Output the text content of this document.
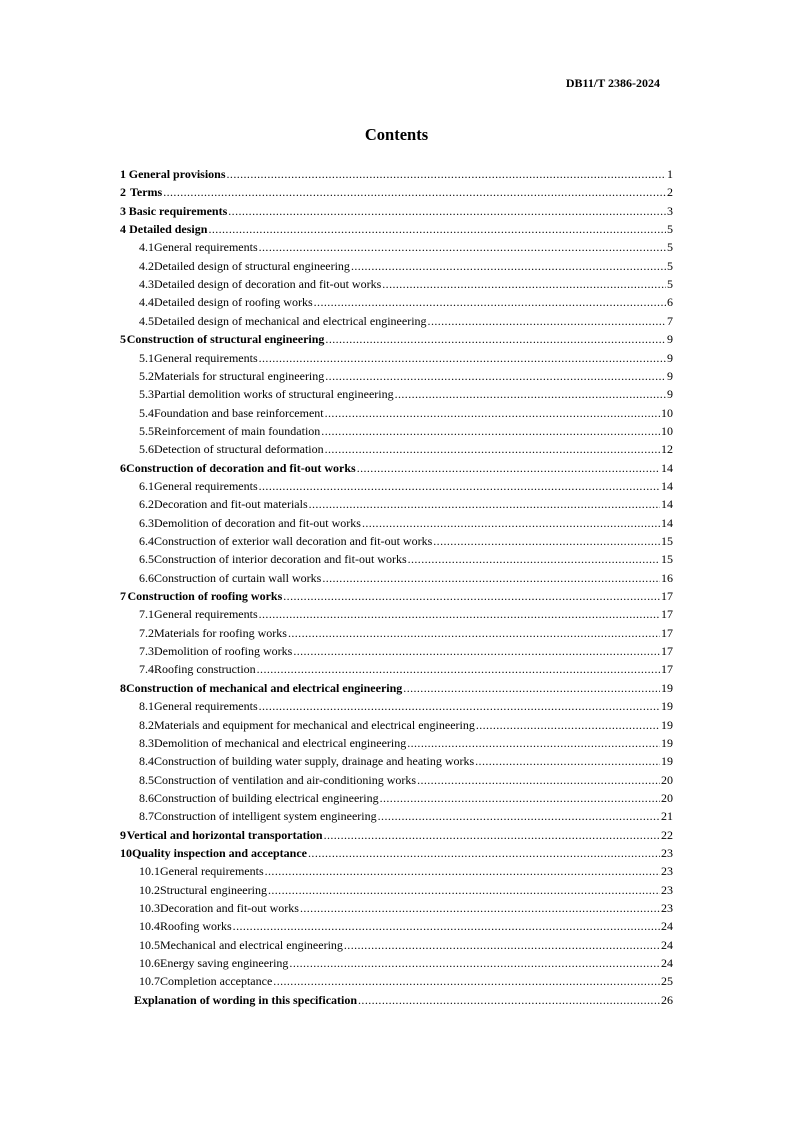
DB11/T 2386-2024
Contents
1 General provisions .....	1
2 Terms .....	2
3 Basic requirements .....	3
4 Detailed design .....	5
4.1 General requirements .....	5
4.2 Detailed design of structural engineering .....	5
4.3 Detailed design of decoration and fit-out works .....	5
4.4 Detailed design of roofing works .....	6
4.5 Detailed design of mechanical and electrical engineering .....	7
5 Construction of structural engineering .....	9
5.1 General requirements .....	9
5.2 Materials for structural engineering .....	9
5.3 Partial demolition works of structural engineering .....	9
5.4 Foundation and base reinforcement .....	10
5.5 Reinforcement of main foundation .....	10
5.6 Detection of structural deformation .....	12
6 Construction of decoration and fit-out works .....	14
6.1 General requirements .....	14
6.2 Decoration and fit-out materials .....	14
6.3 Demolition of decoration and fit-out works .....	14
6.4 Construction of exterior wall decoration and fit-out works .....	15
6.5 Construction of interior decoration and fit-out works .....	15
6.6 Construction of curtain wall works .....	16
7 Construction of roofing works .....	17
7.1 General requirements .....	17
7.2 Materials for roofing works .....	17
7.3 Demolition of roofing works .....	17
7.4 Roofing construction .....	17
8 Construction of mechanical and electrical engineering .....	19
8.1 General requirements .....	19
8.2 Materials and equipment for mechanical and electrical engineering .....	19
8.3 Demolition of mechanical and electrical engineering .....	19
8.4 Construction of building water supply, drainage and heating works .....	19
8.5 Construction of ventilation and air-conditioning works .....	20
8.6 Construction of building electrical engineering .....	20
8.7 Construction of intelligent system engineering .....	21
9 Vertical and horizontal transportation .....	22
10 Quality inspection and acceptance .....	23
10.1 General requirements .....	23
10.2 Structural engineering .....	23
10.3 Decoration and fit-out works .....	23
10.4 Roofing works .....	24
10.5 Mechanical and electrical engineering .....	24
10.6 Energy saving engineering .....	24
10.7 Completion acceptance .....	25
Explanation of wording in this specification .....	26
